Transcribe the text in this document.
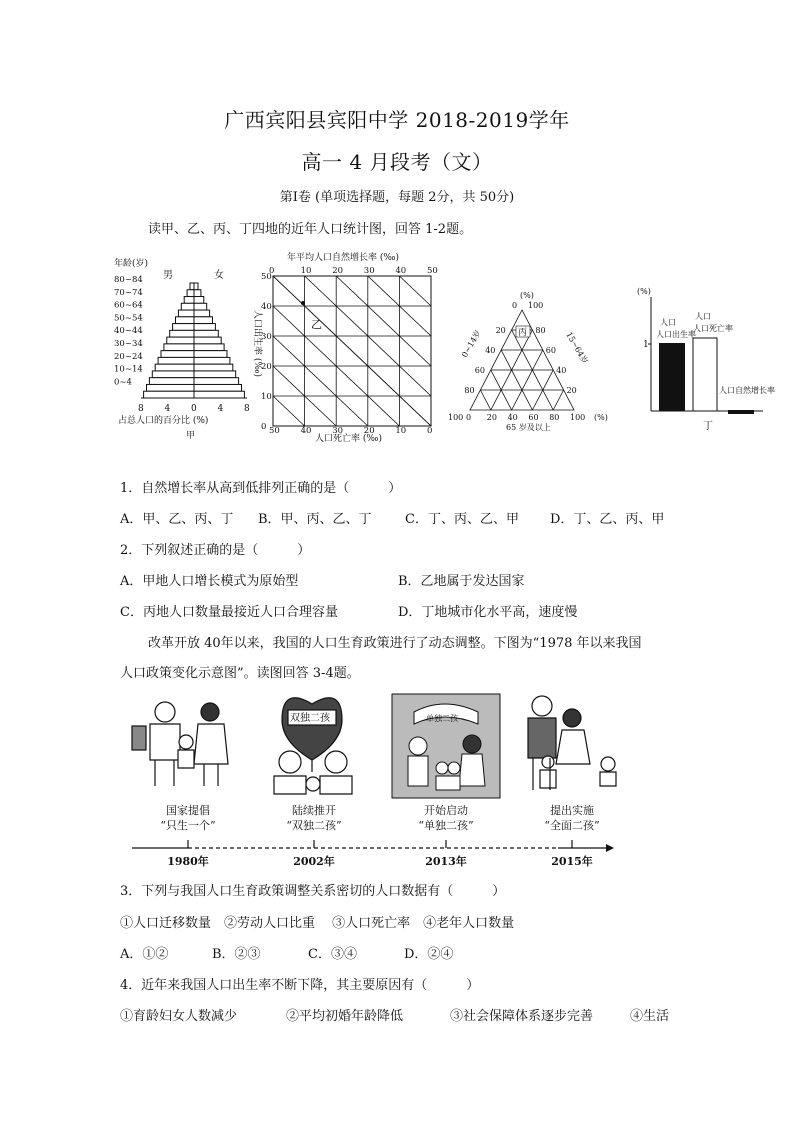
广西宾阳县宾阳中学 2018-2019学年
高一 4 月段考（文）
第Ⅰ卷 (单项选择题，每题 2分，共 50分)
读甲、乙、丙、丁四地的近年人口统计图，回答 1-2题。
年龄(岁)
男	女
80~84
70~74
60~64
50~54
40~44
30~34
20~24
10~14
0~4
8 4 0 4 8
占总人口的百分比 (%)
甲
年平均人口自然增长率 (‰)
0	10 20 30 40 50
50
40
30
20
10
0
人口出生率 (‰)
50 40 30 20 10 0
人口死亡率 (‰)
乙
(%)
0 100
20
40
60
80
80
60
40
20
100 0 20 40 60 80 100 (%)
0~14岁	15~64岁
65 岁及以上
丙
(%)
1
人口
人口出生率
人口
人口死亡率
人口自然增长率
丁
1．自然增长率从高到低排列正确的是（　　　）
A．甲、乙、丙、丁 B．甲、丙、乙、丁	C．丁、丙、乙、甲 D．丁、乙、丙、甲
2．下列叙述正确的是（　　　）
A．甲地人口增长模式为原始型	B．乙地属于发达国家
C．丙地人口数量最接近人口合理容量	D．丁地城市化水平高，速度慢
改革开放 40年以来，我国的人口生育政策进行了动态调整。下图为“1978 年以来我国
人口政策变化示意图”。读图回答 3-4题。
双独二孩	单独二孩
国家提倡
“只生一个”
1980年
陆续推开
“双独二孩”
2002年
开始启动
“单独二孩”
2013年
提出实施
“全面二孩”
2015年
3．下列与我国人口生育政策调整关系密切的人口数据有（　　　）
①人口迁移数量　②劳动人口比重　 ③人口死亡率　④老年人口数量
A．①②	B．②③	C．③④	D．②④
4．近年来我国人口出生率不断下降，其主要原因有（　　　）
①育龄妇女人数减少	②平均初婚年龄降低	③社会保障体系逐步完善	④生活
